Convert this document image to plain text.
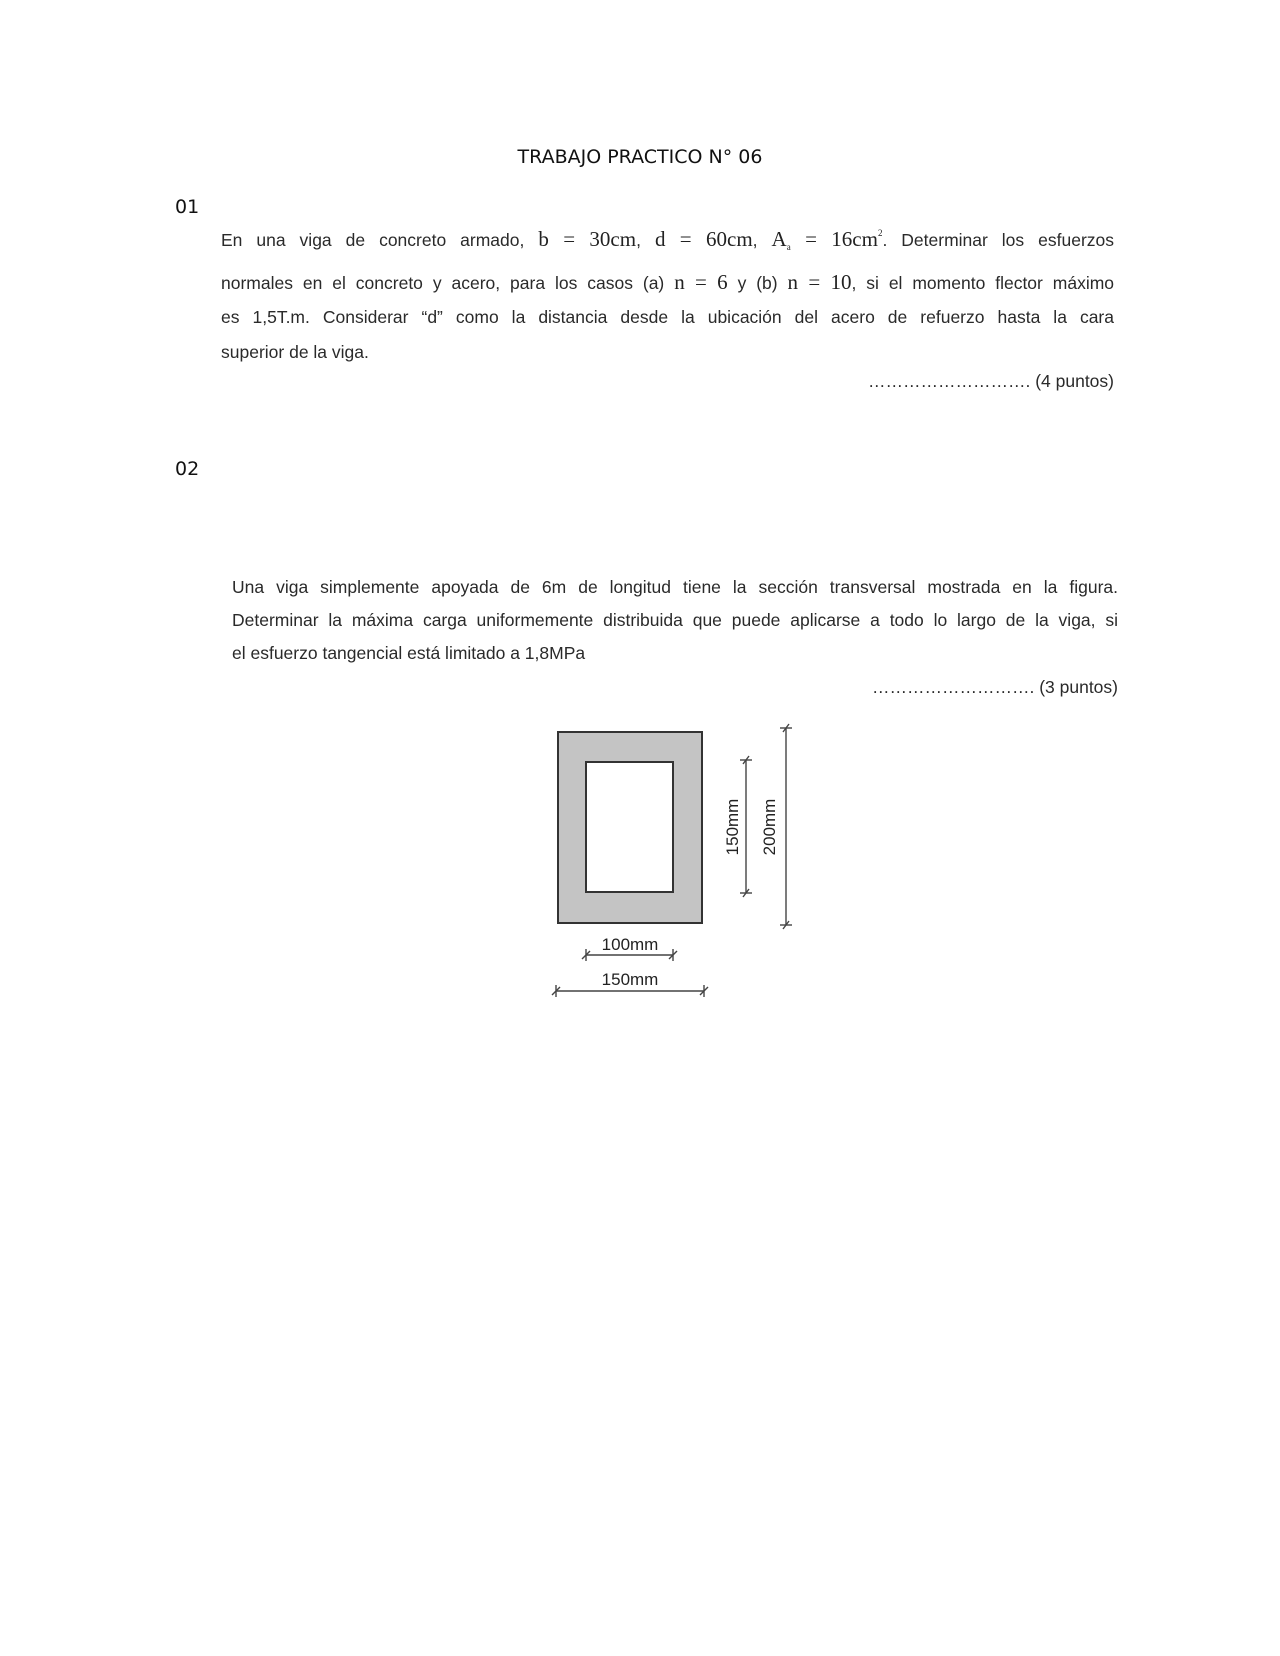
TRABAJO PRACTICO N° 06
01
En una viga de concreto armado, b = 30cm, d = 60cm, $A_a = 16cm^2$. Determinar los esfuerzos
normales en el concreto y acero, para los casos (a) n = 6 y (b) n = 10, si el momento flector máximo
es 1,5T.m. Considerar “d” como la distancia desde la ubicación del acero de refuerzo hasta la cara
superior de la viga.
………………………. (4 puntos)
02
Una viga simplemente apoyada de 6m de longitud tiene la sección transversal mostrada en la figura.
Determinar la máxima carga uniformemente distribuida que puede aplicarse a todo lo largo de la viga, si
el esfuerzo tangencial está limitado a 1,8MPa
………………………. (3 puntos)
150mm 200mm
100mm
150mm
